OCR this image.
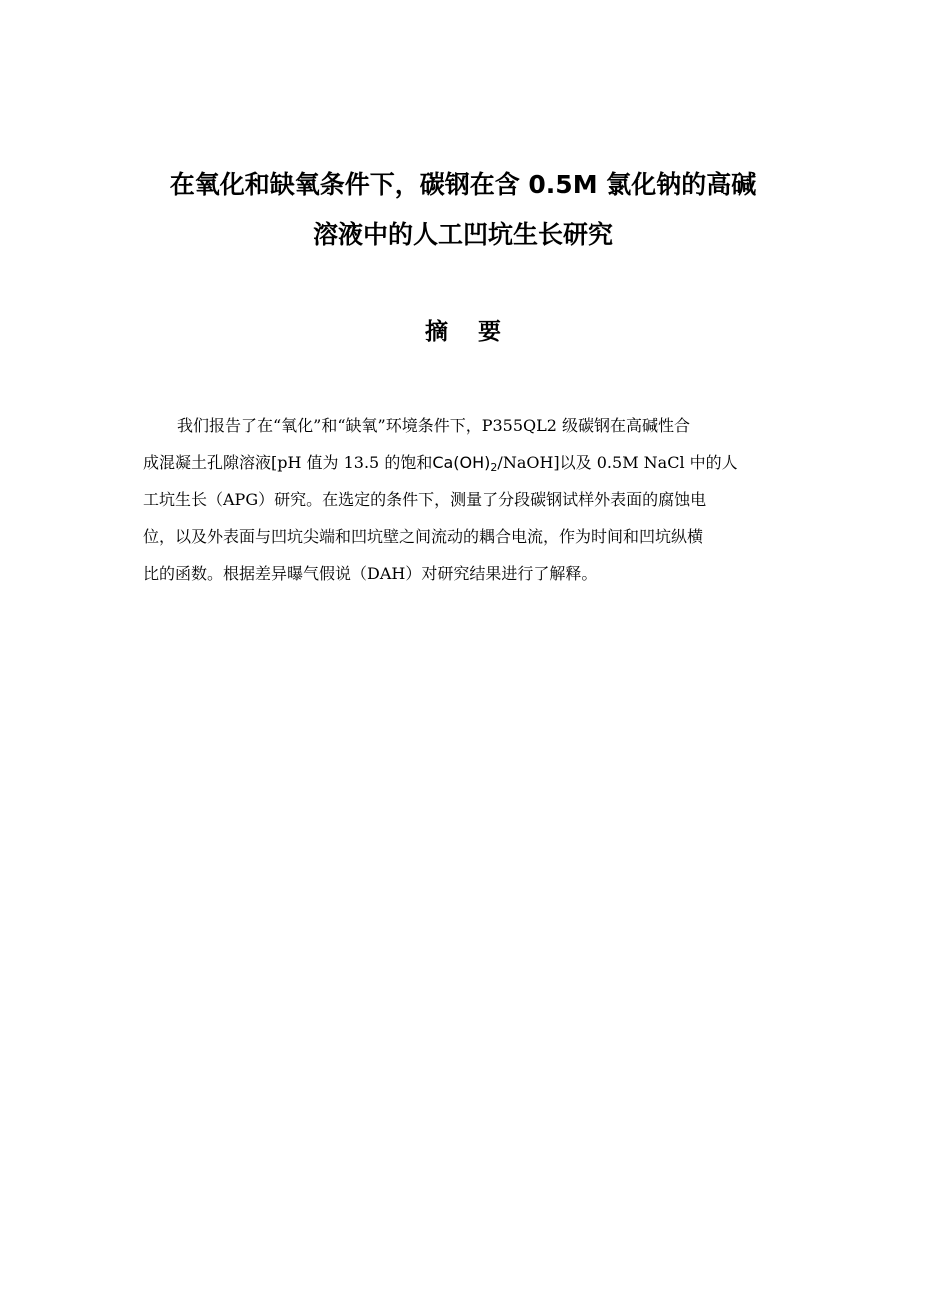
在氧化和缺氧条件下，碳钢在含 0.5M 氯化钠的高碱
溶液中的人工凹坑生长研究
摘要
我们报告了在“氧化”和“缺氧”环境条件下，P355QL2 级碳钢在高碱性合
成混凝土孔隙溶液[pH 值为 13.5 的饱和$Ca(OH)_2/NaOH$]以及 0.5M NaCl 中的人
工坑生长（APG）研究。在选定的条件下，测量了分段碳钢试样外表面的腐蚀电
位，以及外表面与凹坑尖端和凹坑壁之间流动的耦合电流，作为时间和凹坑纵横
比的函数。根据差异曝气假说（DAH）对研究结果进行了解释。
